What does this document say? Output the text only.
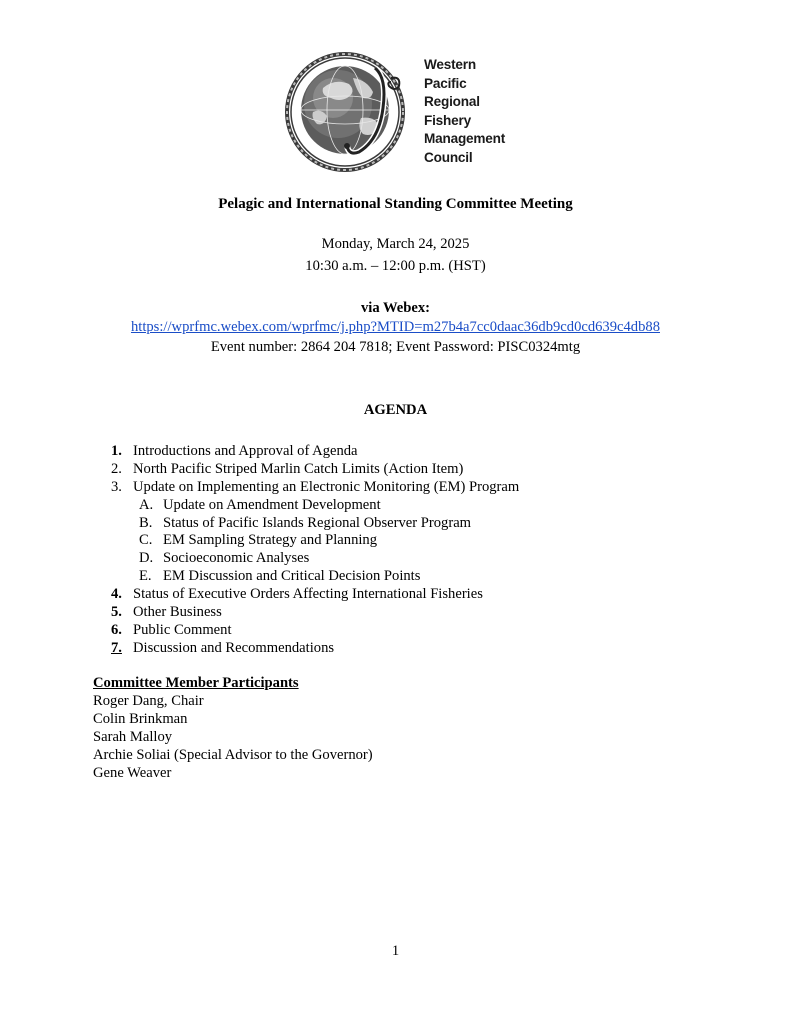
Western
Pacific
Regional
Fishery
Management
Council
Pelagic and International Standing Committee Meeting
Monday, March 24, 2025
10:30 a.m. – 12:00 p.m. (HST)
via Webex:
https://wprfmc.webex.com/wprfmc/j.php?MTID=m27b4a7cc0daac36db9cd0cd639c4db88
Event number: 2864 204 7818; Event Password: PISC0324mtg
AGENDA
1. Introductions and Approval of Agenda
2. North Pacific Striped Marlin Catch Limits (Action Item)
3. Update on Implementing an Electronic Monitoring (EM) Program
A. Update on Amendment Development
B. Status of Pacific Islands Regional Observer Program
C. EM Sampling Strategy and Planning
D. Socioeconomic Analyses
E. EM Discussion and Critical Decision Points
4. Status of Executive Orders Affecting International Fisheries
5. Other Business
6. Public Comment
7. Discussion and Recommendations
Committee Member Participants
Roger Dang, Chair
Colin Brinkman
Sarah Malloy
Archie Soliai (Special Advisor to the Governor)
Gene Weaver
1
